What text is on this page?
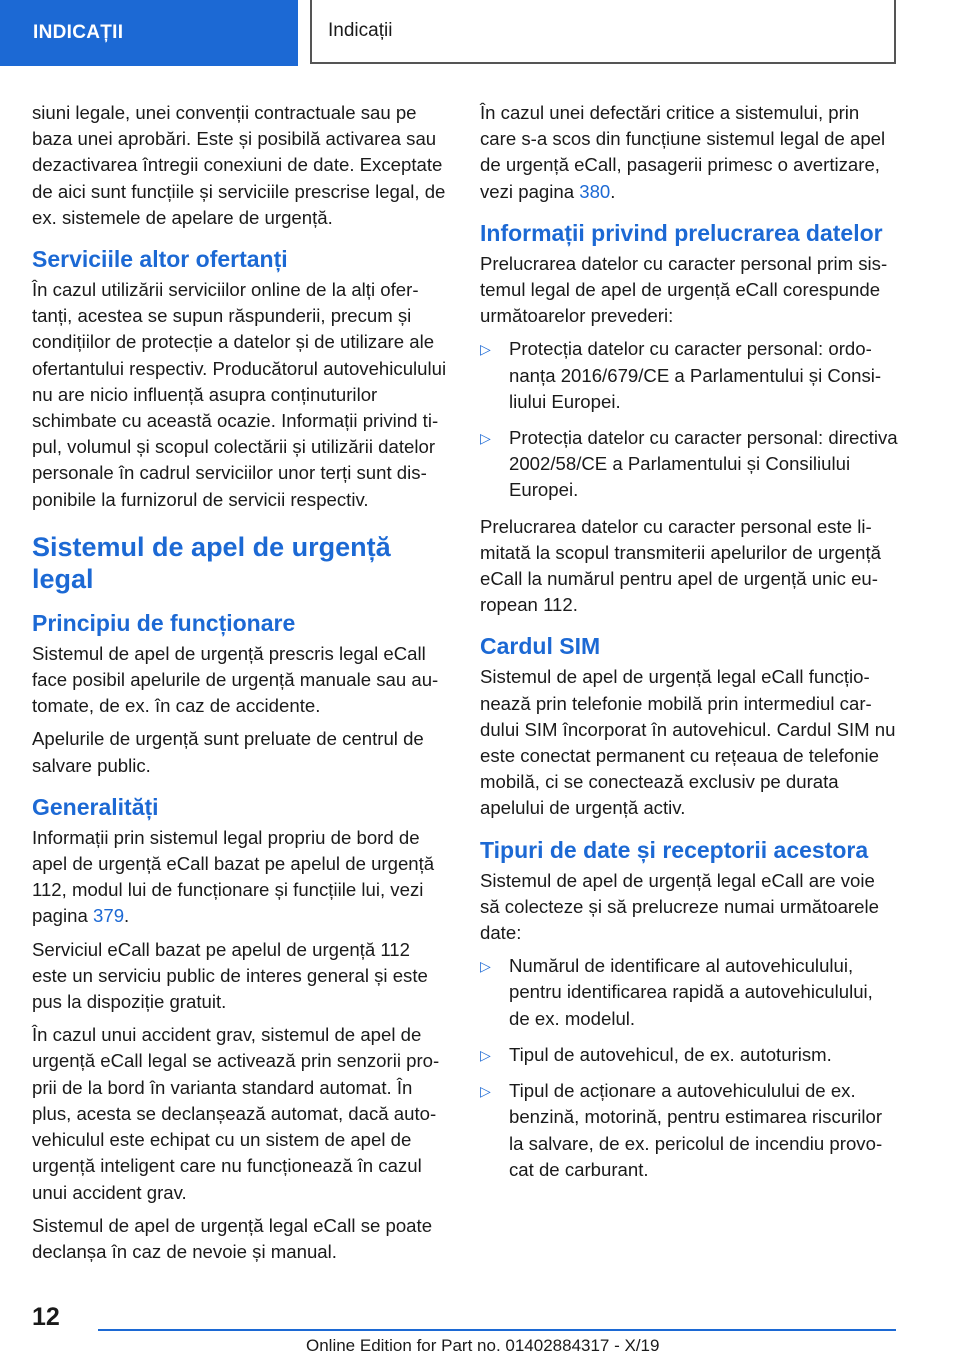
INDICAȚII	Indicații

siuni legale, unei convenții contractuale sau pe baza unei aprobări. Este și posibilă activarea sau dezactivarea întregii conexiuni de date. Exceptate de aici sunt funcțiile și serviciile prescrise legal, de ex. sistemele de apelare de urgență.

Serviciile altor ofertanți

În cazul utilizării serviciilor online de la alți ofertanți, acestea se supun răspunderii, precum și condițiilor de protecție a datelor și de utilizare ale ofertantului respectiv. Producătorul autovehiculului nu are nicio influență asupra conținuturilor schimbate cu această ocazie. Informații privind tipul, volumul și scopul colectării și utilizării datelor personale în cadrul serviciilor unor terți sunt disponibile la furnizorul de servicii respectiv.

Sistemul de apel de urgență legal
Principiu de funcționare

Sistemul de apel de urgență prescris legal eCall face posibil apelurile de urgență manuale sau automate, de ex. în caz de accidente.

Apelurile de urgență sunt preluate de centrul de salvare public.

Generalități

Informații prin sistemul legal propriu de bord de apel de urgență eCall bazat pe apelul de urgență 112, modul lui de funcționare și funcțiile lui, vezi pagina 379.

Serviciul eCall bazat pe apelul de urgență 112 este un serviciu public de interes general și este pus la dispoziție gratuit.

În cazul unui accident grav, sistemul de apel de urgență eCall legal se activează prin senzorii proprii de la bord în varianta standard automat. În plus, acesta se declanșează automat, dacă autovehiculul este echipat cu un sistem de apel de urgență inteligent care nu funcționează în cazul unui accident grav.

Sistemul de apel de urgență legal eCall se poate declanșa în caz de nevoie și manual.

În cazul unei defectări critice a sistemului, prin care s-a scos din funcțiune sistemul legal de apel de urgență eCall, pasagerii primesc o avertizare, vezi pagina 380.

Informații privind prelucrarea datelor

Prelucrarea datelor cu caracter personal prim sistemul legal de apel de urgență eCall corespunde următoarelor prevederi:

▷ Protecția datelor cu caracter personal: ordonanța 2016/679/CE a Parlamentului și Consiliului Europei.
▷ Protecția datelor cu caracter personal: directiva 2002/58/CE a Parlamentului și Consiliului Europei.

Prelucrarea datelor cu caracter personal este limitată la scopul transmiterii apelurilor de urgență eCall la numărul pentru apel de urgență unic european 112.

Cardul SIM

Sistemul de apel de urgență legal eCall funcționează prin telefonie mobilă prin intermediul cardului SIM încorporat în autovehicul. Cardul SIM nu este conectat permanent cu rețeaua de telefonie mobilă, ci se conectează exclusiv pe durata apelului de urgență activ.

Tipuri de date și receptorii acestora

Sistemul de apel de urgență legal eCall are voie să colecteze și să prelucreze numai următoarele date:

▷ Numărul de identificare al autovehiculului, pentru identificarea rapidă a autovehiculului, de ex. modelul.
▷ Tipul de autovehicul, de ex. autoturism.
▷ Tipul de acționare a autovehiculului de ex. benzină, motorină, pentru estimarea riscurilor la salvare, de ex. pericolul de incendiu provocat de carburant.
12
Online Edition for Part no. 01402884317 - X/19
